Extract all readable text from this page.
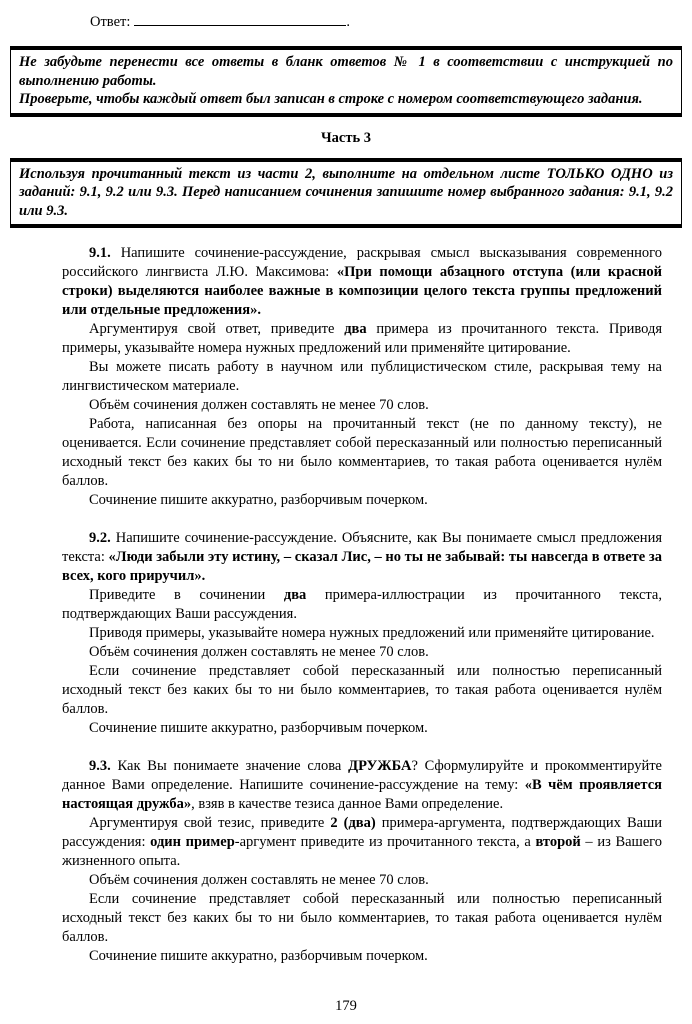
Ответ:	.

Не забудьте перенести все ответы в бланк ответов № 1 в соответствии с инструкцией по выполнению работы.

Проверьте, чтобы каждый ответ был записан в строке с номером соответствующего задания.

Часть 3

Используя прочитанный текст из части 2, выполните на отдельном листе ТОЛЬКО ОДНО из заданий: 9.1, 9.2 или 9.3. Перед написанием сочинения запишите номер выбранного задания: 9.1, 9.2 или 9.3.

9.1. Напишите сочинение-рассуждение, раскрывая смысл высказывания современного российского лингвиста Л.Ю. Максимова: «При помощи абзацного отступа (или красной строки) выделяются наиболее важные в композиции целого текста группы предложений или отдельные предложения».

Аргументируя свой ответ, приведите два примера из прочитанного текста. Приводя примеры, указывайте номера нужных предложений или применяйте цитирование.

Вы можете писать работу в научном или публицистическом стиле, раскрывая тему на лингвистическом материале.

Объём сочинения должен составлять не менее 70 слов.

Работа, написанная без опоры на прочитанный текст (не по данному тексту), не оценивается. Если сочинение представляет собой пересказанный или полностью переписанный исходный текст без каких бы то ни было комментариев, то такая работа оценивается нулём баллов.

Сочинение пишите аккуратно, разборчивым почерком.

9.2. Напишите сочинение-рассуждение. Объясните, как Вы понимаете смысл предложения текста: «Люди забыли эту истину, – сказал Лис, – но ты не забывай: ты навсегда в ответе за всех, кого приручил».

Приведите в сочинении два примера-иллюстрации из прочитанного текста, подтверждающих Ваши рассуждения.

Приводя примеры, указывайте номера нужных предложений или применяйте цитирование.

Объём сочинения должен составлять не менее 70 слов.

Если сочинение представляет собой пересказанный или полностью переписанный исходный текст без каких бы то ни было комментариев, то такая работа оценивается нулём баллов.

Сочинение пишите аккуратно, разборчивым почерком.

9.3. Как Вы понимаете значение слова ДРУЖБА? Сформулируйте и прокомментируйте данное Вами определение. Напишите сочинение-рассуждение на тему: «В чём проявляется настоящая дружба», взяв в качестве тезиса данное Вами определение.

Аргументируя свой тезис, приведите 2 (два) примера-аргумента, подтверждающих Ваши рассуждения: один пример-аргумент приведите из прочитанного текста, а второй – из Вашего жизненного опыта.

Объём сочинения должен составлять не менее 70 слов.

Если сочинение представляет собой пересказанный или полностью переписанный исходный текст без каких бы то ни было комментариев, то такая работа оценивается нулём баллов.

Сочинение пишите аккуратно, разборчивым почерком.

179
